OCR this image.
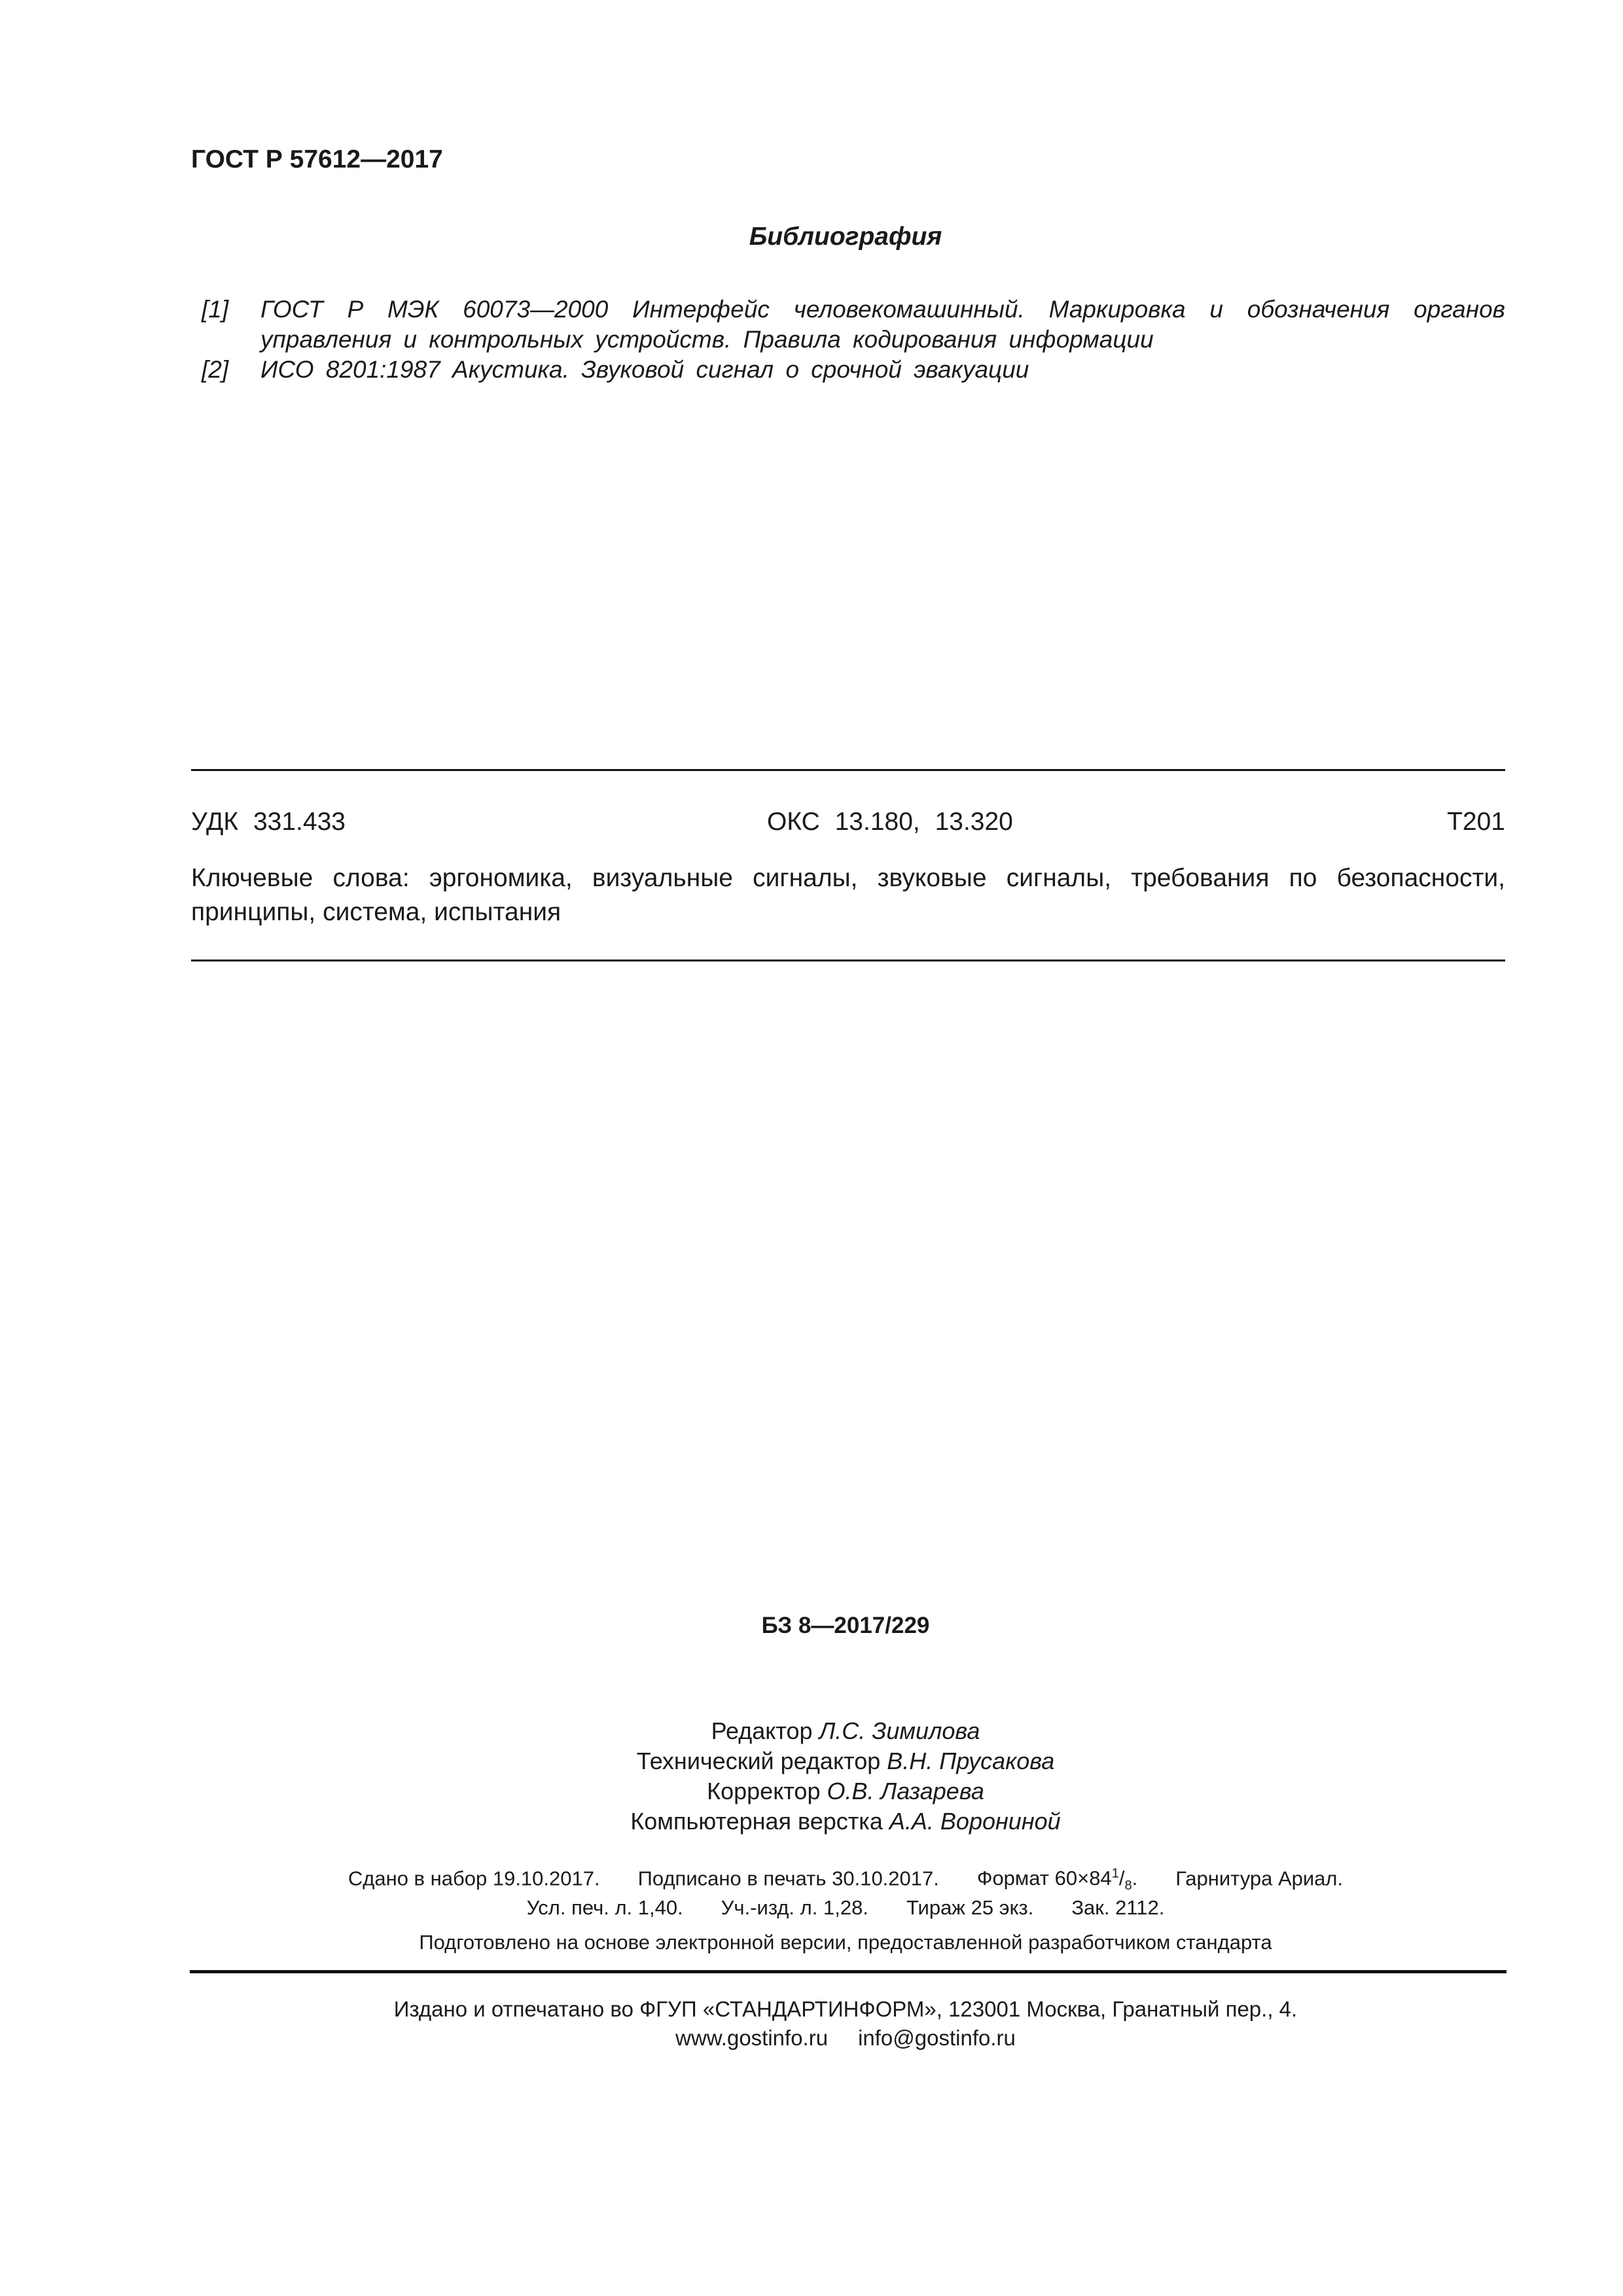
ГОСТ Р 57612—2017
Библиография
[1]	ГОСТ Р МЭК 60073—2000 Интерфейс человекомашинный. Маркировка и обозначения органов управления и контрольных устройств. Правила кодирования информации
[2]	ИСО 8201:1987 Акустика. Звуковой сигнал о срочной эвакуации
УДК 331.433	ОКС 13.180, 13.320	T201
Ключевые слова: эргономика, визуальные сигналы, звуковые сигналы, требования по безопасности, принципы, система, испытания
БЗ 8—2017/229
Редактор Л.С. Зимилова
Технический редактор В.Н. Прусакова
Корректор О.В. Лазарева
Компьютерная верстка А.А. Ворониной
Сдано в набор 19.10.2017. Подписано в печать 30.10.2017. Формат $60\times 84^1/_8$. Гарнитура Ариал.
Усл. печ. л. 1,40. Уч.-изд. л. 1,28. Тираж 25 экз. Зак. 2112.
Подготовлено на основе электронной версии, предоставленной разработчиком стандарта
Издано и отпечатано во ФГУП «СТАНДАРТИНФОРМ», 123001 Москва, Гранатный пер., 4.
www.gostinfo.ru info@gostinfo.ru
